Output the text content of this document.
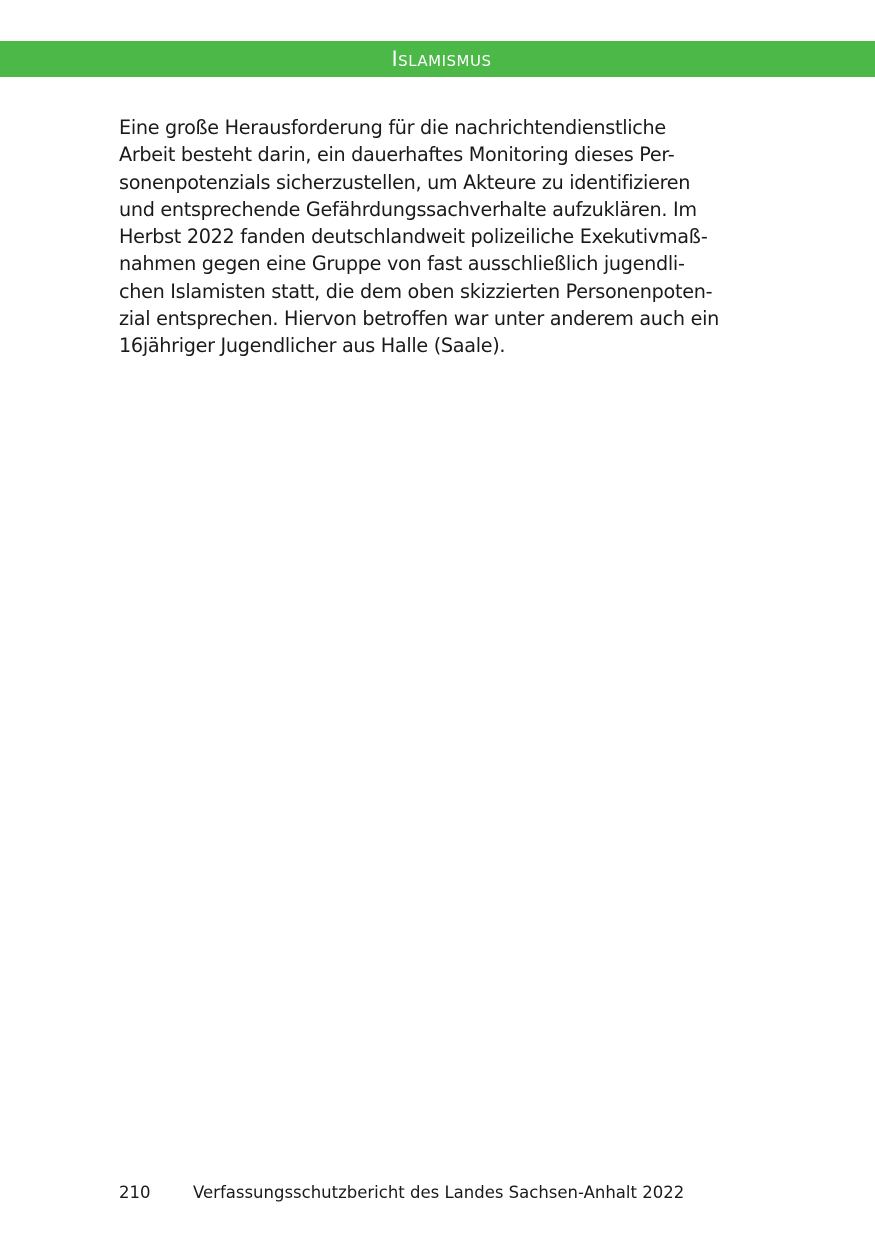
Islamismus

Eine große Herausforderung für die nachrichtendienstliche
Arbeit besteht darin, ein dauerhaftes Monitoring dieses Per-
sonenpotenzials sicherzustellen, um Akteure zu identifizieren
und entsprechende Gefährdungssachverhalte aufzuklären. Im
Herbst 2022 fanden deutschlandweit polizeiliche Exekutivmaß-
nahmen gegen eine Gruppe von fast ausschließlich jugendli-
chen Islamisten statt, die dem oben skizzierten Personenpoten-
zial entsprechen. Hiervon betroffen war unter anderem auch ein
16jähriger Jugendlicher aus Halle (Saale).

210	Verfassungsschutzbericht des Landes Sachsen-Anhalt 2022
